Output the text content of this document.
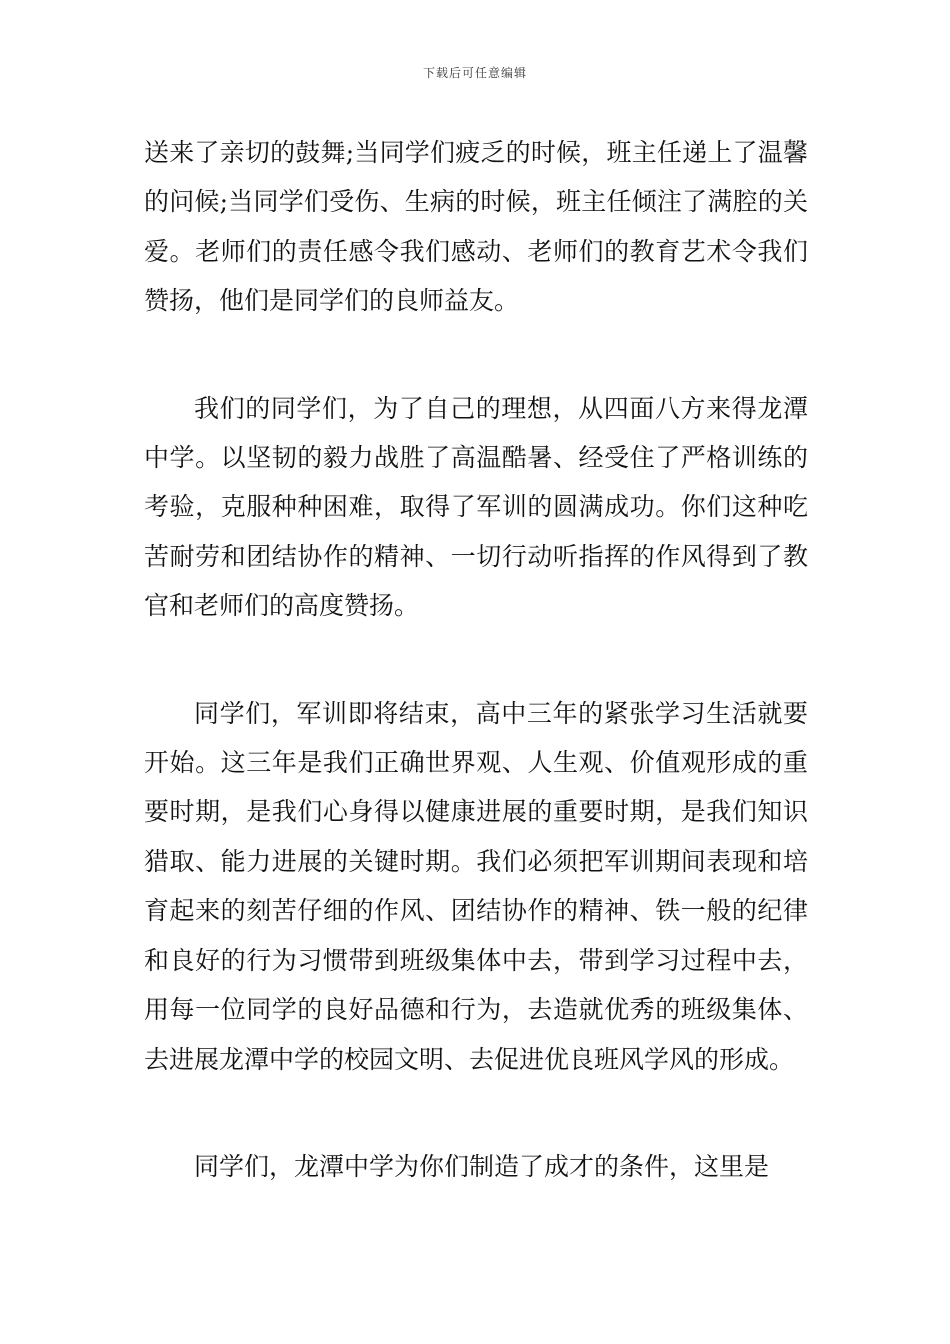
下载后可任意编辑

送来了亲切的鼓舞;当同学们疲乏的时候，班主任递上了温馨的问候;当同学们受伤、生病的时候，班主任倾注了满腔的关爱。老师们的责任感令我们感动、老师们的教育艺术令我们赞扬，他们是同学们的良师益友。

我们的同学们，为了自己的理想，从四面八方来得龙潭中学。以坚韧的毅力战胜了高温酷暑、经受住了严格训练的考验，克服种种困难，取得了军训的圆满成功。你们这种吃苦耐劳和团结协作的精神、一切行动听指挥的作风得到了教官和老师们的高度赞扬。

同学们，军训即将结束，高中三年的紧张学习生活就要开始。这三年是我们正确世界观、人生观、价值观形成的重要时期，是我们心身得以健康进展的重要时期，是我们知识猎取、能力进展的关键时期。我们必须把军训期间表现和培育起来的刻苦仔细的作风、团结协作的精神、铁一般的纪律和良好的行为习惯带到班级集体中去，带到学习过程中去，用每一位同学的良好品德和行为，去造就优秀的班级集体、去进展龙潭中学的校园文明、去促进优良班风学风的形成。

同学们，龙潭中学为你们制造了成才的条件，这里是
